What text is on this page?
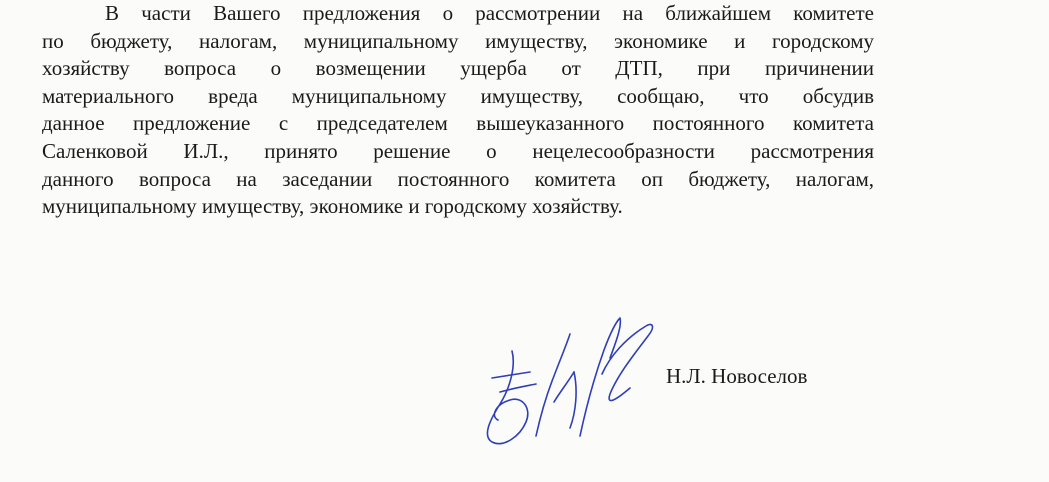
В части Вашего предложения о рассмотрении на ближайшем комитете
по бюджету, налогам, муниципальному имуществу, экономике и городскому
хозяйству вопроса о возмещении ущерба от ДТП, при причинении
материального вреда муниципальному имуществу, сообщаю, что обсудив
данное предложение с председателем вышеуказанного постоянного комитета
Саленковой И.Л., принято решение о нецелесообразности рассмотрения
данного вопроса на заседании постоянного комитета оп бюджету, налогам,
муниципальному имуществу, экономике и городскому хозяйству.
Н.Л. Новоселов
